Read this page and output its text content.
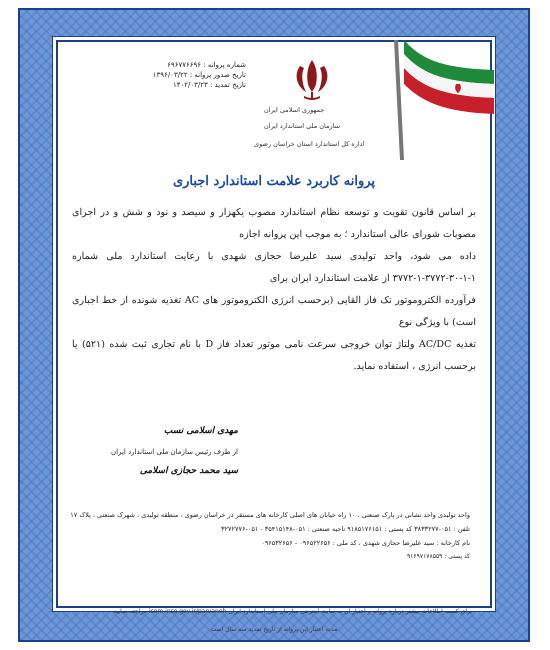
شماره پروانه : ۶۹۶۷۷۶۶۹۶
تاریخ صدور پروانه : ۱۳۹۶/۰۳/۲۲
تاریخ تمدید : ۱۴۰۲/۰۳/۲۳
جمهوری اسلامی ایران
سازمان ملی استاندارد ایران
اداره کل استاندارد استان خراسان رضوی
پروانه کاربرد علامت استاندارد اجباری

بر اساس قانون تقویت و توسعه نظام استاندارد مصوب یکهزار و سیصد و نود و شش و در اجرای مصوبات شورای عالی استاندارد ؛ به موجب این پروانه اجازه

داده می شود، واحد تولیدی سید علیرضا حجازی شهدی با رعایت استاندارد ملی شماره ۱-۱-۳۰-۳۷۷۲-۱-۳۷۷۲ از علامت استاندارد ایران برای

فرآورده الکتروموتور تک فاز القایی (برحسب انرژی الکتروموتور های AC تغذیه شونده از خط اجباری است) با ویژگی نوع

تغذیه AC/DC ولتاژ توان خروجی سرعت نامی موتور تعداد فاز D با نام تجاری ثبت شده (۵۲۱) یا برحسب انرژی ، استفاده نماید.

مهدی اسلامی نسب
از طرف رئیس سازمان ملی استاندارد ایران
سید محمد حجازی اسلامی

واحد تولیدی واحد نشانی در پارک صنعتی ، ۱۰ راه خیابان های اصلی کارخانه های مستقر در خراسان رضوی ، منطقه تولیدی ، شهرک صنعتی ، پلاک ۱۷

تلفن : ۰۵۱-۳۸۳۳۲۷۷ کد پستی : ۹۱۸۵۱۷۶۱۵۱ ناحیه صنعتی : ۰۵۱-۳۵۴۱۵۱۴۸ - ۰۵۱-۳۲۷۲۷۷۶

نام کارخانه : سید علیرضا حجازی شهدی ، کد ملی : ۰۹۶۵۲۲۶۵۶ - ۰۹۶۵۳۲۶۵۶

کد پستی : ۹۱۶۹۷۱۷۸۵۵۹

برای کسب اطلاعات بیشتر درباره پروانه و اعتبار آن به سایت اینترنتی سازمان ملی استاندارد ایران isom.inso.gov.ir/parvaneh مراجعه نمایید
مدت اعتبار این پروانه از تاریخ تمدید سه سال است
